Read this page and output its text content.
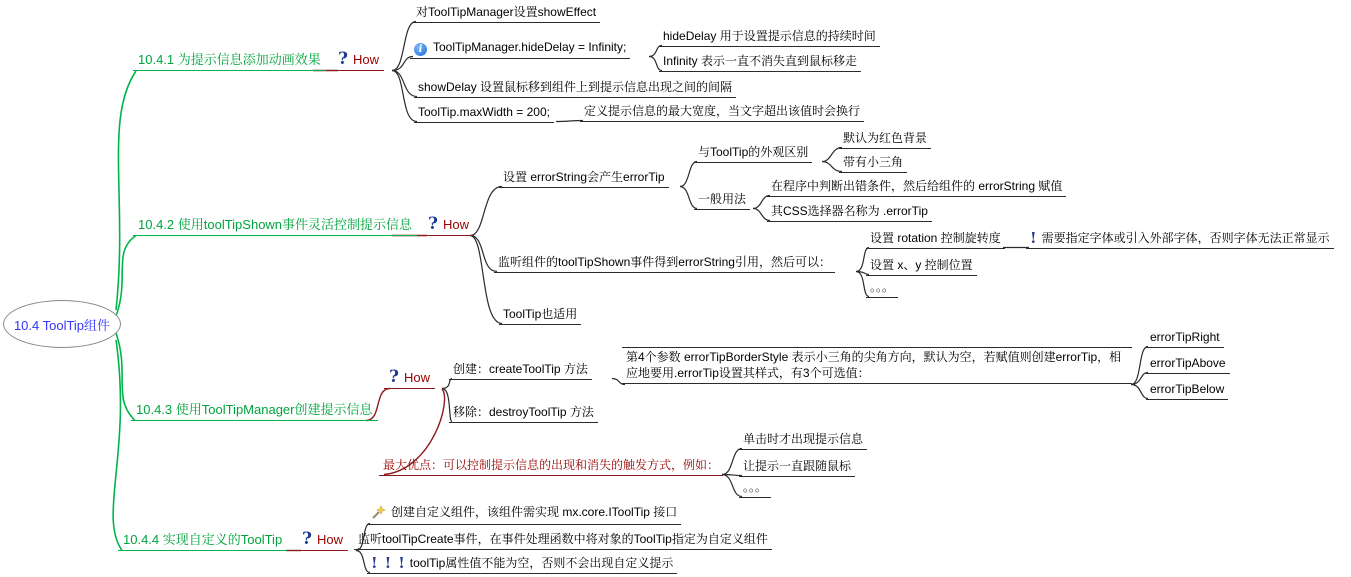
10.4 ToolTip组件
10.4.1 为提示信息添加动画效果 ? How
对ToolTipManager设置showEffect
i ToolTipManager.hideDelay = Infinity;
hideDelay 用于设置提示信息的持续时间
Infinity 表示一直不消失直到鼠标移走
showDelay 设置鼠标移到组件上到提示信息出现之间的间隔
ToolTip.maxWidth = 200;	定义提示信息的最大宽度，当文字超出该值时会换行
10.4.2 使用toolTipShown事件灵活控制提示信息 ? How
设置 errorString会产生errorTip
与ToolTip的外观区别
默认为红色背景
带有小三角
一般用法
在程序中判断出错条件，然后给组件的 errorString 赋值
其CSS选择器名称为 .errorTip
监听组件的toolTipShown事件得到errorString引用，然后可以：
设置 rotation 控制旋转度 ! 需要指定字体或引入外部字体，否则字体无法正常显示
设置 x、y 控制位置
。。。
ToolTip也适用
10.4.3 使用ToolTipManager创建提示信息
? How
创建：createToolTip 方法
第4个参数 errorTipBorderStyle 表示小三角的尖角方向，默认为空，若赋值则创建errorTip，相应地要用.errorTip设置其样式，有3个可选值：
errorTipRight
errorTipAbove
errorTipBelow
移除：destroyToolTip 方法
最大优点：可以控制提示信息的出现和消失的触发方式，例如：
单击时才出现提示信息
让提示一直跟随鼠标
。。。
10.4.4 实现自定义的ToolTip ? How
创建自定义组件，该组件需实现 mx.core.IToolTip 接口
监听toolTipCreate事件，在事件处理函数中将对象的ToolTip指定为自定义组件
! ! ! toolTip属性值不能为空，否则不会出现自定义提示
